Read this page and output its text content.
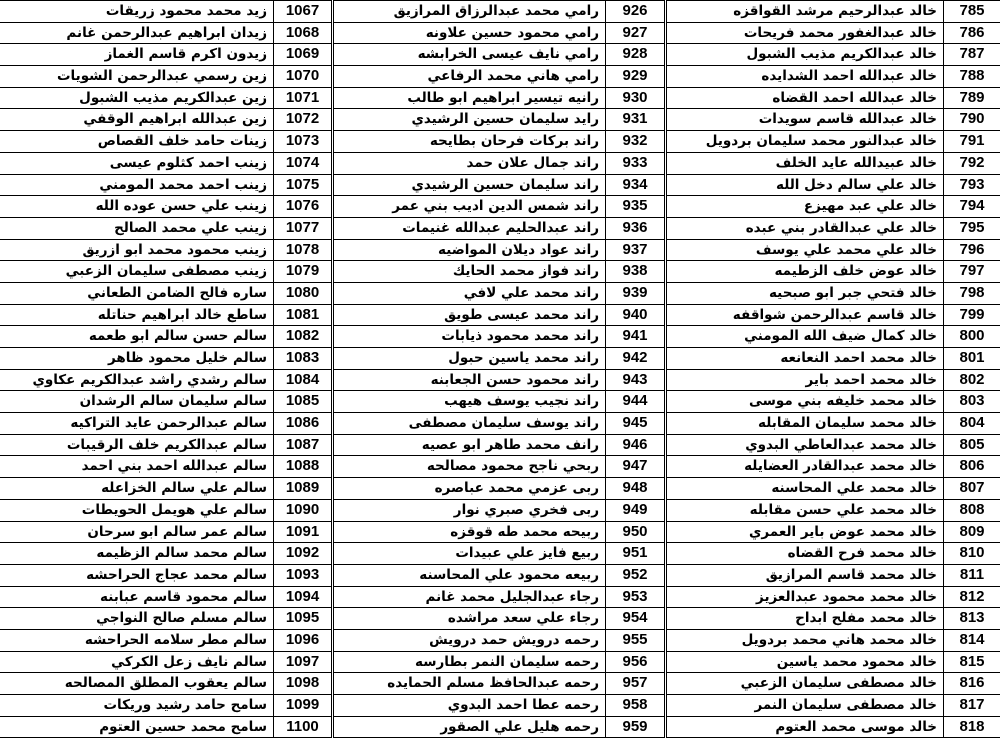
زيد محمد محمود زريقات	1067
زيدان ابراهيم عبدالرحمن غانم	1068
زيدون اكرم قاسم الغماز	1069
زين رسمي عبدالرحمن الشويات	1070
زين عبدالكريم مذيب الشبول	1071
زين عبدالله ابراهيم الوقفي	1072
زينات حامد خلف القصاص	1073
زينب احمد كثلوم عيسى	1074
زينب احمد محمد المومني	1075
زينب علي حسن عوده الله	1076
زينب علي محمد الصالح	1077
زينب محمود محمد ابو ازريق	1078
زينب مصطفى سليمان الزعبي	1079
ساره فالح الضامن الطعاني	1080
ساطع خالد ابراهيم حناتله	1081
سالم حسن سالم ابو طعمه	1082
سالم خليل محمود ظاهر	1083
سالم رشدي راشد عبدالكريم عكاوي	1084
سالم سليمان سالم الرشدان	1085
سالم عبدالرحمن عايد التراكيه	1086
سالم عبدالكريم خلف الرقيبات	1087
سالم عبدالله احمد بني احمد	1088
سالم علي سالم الخزاعله	1089
سالم علي هويمل الحويطات	1090
سالم عمر سالم ابو سرحان	1091
سالم محمد سالم الزظيمه	1092
سالم محمد عجاج الحراحشه	1093
سالم محمود قاسم عبابنه	1094
سالم مسلم صالح النواجي	1095
سالم مطر سلامه الحراحشه	1096
سالم نايف زعل الكركي	1097
سالم يعقوب المطلق المصالحه	1098
سامح حامد رشيد وريكات	1099
سامح محمد حسين العتوم	1100
رامي محمد عبدالرزاق المرازيق	926
رامي محمود حسين علاونه	927
رامي نايف عيسى الخرابشه	928
رامي هاني محمد الرفاعي	929
رانيه تيسير ابراهيم ابو طالب	930
رايد سليمان حسين الرشيدي	931
راند بركات فرحان بطايحه	932
راند جمال علان حمد	933
راند سليمان حسين الرشيدي	934
راند شمس الدين اديب بني عمر	935
راند عبدالحليم عبدالله غنيمات	936
راند عواد ديلان المواضيه	937
راند فواز محمد الحايك	938
راند محمد علي لافي	939
راند محمد عيسى طويق	940
راند محمد محمود ذيابات	941
راند محمد ياسين حبول	942
راند محمود حسن الجعابنه	943
راند نجيب يوسف هيهب	944
راند يوسف سليمان مصطفى	945
رانف محمد طاهر ابو عصيه	946
ربحي ناجح محمود مصالحه	947
ربى عزمي محمد عباصره	948
ربى فخري صبري نوار	949
ربيحه محمد طه قوقزه	950
ربيع فايز علي عبيدات	951
ربيعه محمود علي المحاسنه	952
رجاء عبدالجليل محمد غانم	953
رجاء علي سعد مراشده	954
رحمه درويش حمد درويش	955
رحمه سليمان النمر بطارسه	956
رحمه عبدالحافظ مسلم الحمايده	957
رحمه عطا احمد البدوي	958
رحمه هليل علي الصقور	959
خالد عبدالرحيم مرشد القواقزه	785
خالد عبدالغفور محمد فريحات	786
خالد عبدالكريم مذيب الشبول	787
خالد عبدالله احمد الشدايده	788
خالد عبدالله احمد القضاه	789
خالد عبدالله قاسم سويدات	790
خالد عبدالنور محمد سليمان بردويل	791
خالد عبيدالله عايد الخلف	792
خالد علي سالم دخل الله	793
خالد علي عبد مهيزع	794
خالد علي عبدالقادر بني عبده	795
خالد علي محمد علي يوسف	796
خالد عوض خلف الزطيمه	797
خالد فتحي جبر ابو صبحيه	798
خالد قاسم عبدالرحمن شواقفه	799
خالد كمال ضيف الله المومني	800
خالد محمد احمد النعانعه	801
خالد محمد احمد باير	802
خالد محمد خليفه بني موسى	803
خالد محمد سليمان المقابله	804
خالد محمد عبدالعاطي البدوي	805
خالد محمد عبدالقادر العضايله	806
خالد محمد علي المحاسنه	807
خالد محمد علي حسن مقابله	808
خالد محمد عوض باير العمري	809
خالد محمد فرح القضاه	810
خالد محمد قاسم المرازيق	811
خالد محمد محمود عبدالعزيز	812
خالد محمد مفلح ابداح	813
خالد محمد هاني محمد بردويل	814
خالد محمود محمد ياسين	815
خالد مصطفى سليمان الزعبي	816
خالد مصطفى سليمان النمر	817
خالد موسى محمد العتوم	818
